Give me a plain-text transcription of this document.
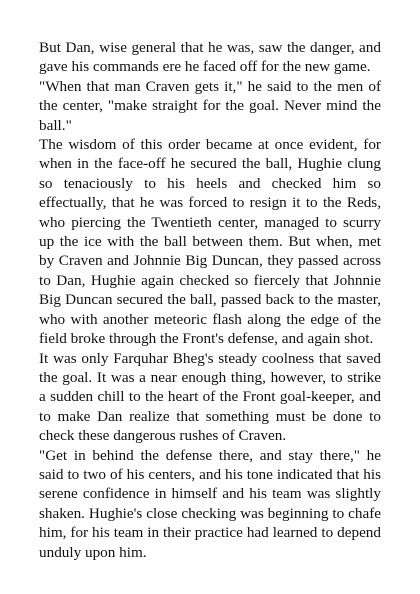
But Dan, wise general that he was, saw the danger, and gave his commands ere he faced off for the new game.

"When that man Craven gets it," he said to the men of the center, "make straight for the goal. Never mind the ball."

The wisdom of this order became at once evident, for when in the face-off he secured the ball, Hughie clung so tenaciously to his heels and checked him so effectually, that he was forced to resign it to the Reds, who piercing the Twentieth center, managed to scurry up the ice with the ball between them. But when, met by Craven and Johnnie Big Duncan, they passed across to Dan, Hughie again checked so fiercely that Johnnie Big Duncan secured the ball, passed back to the master, who with another meteoric flash along the edge of the field broke through the Front's defense, and again shot.

It was only Farquhar Bheg's steady coolness that saved the goal. It was a near enough thing, however, to strike a sudden chill to the heart of the Front goal-keeper, and to make Dan realize that something must be done to check these dangerous rushes of Craven.

"Get in behind the defense there, and stay there," he said to two of his centers, and his tone indicated that his serene confidence in himself and his team was slightly shaken. Hughie's close checking was beginning to chafe him, for his team in their practice had learned to depend unduly upon him.
